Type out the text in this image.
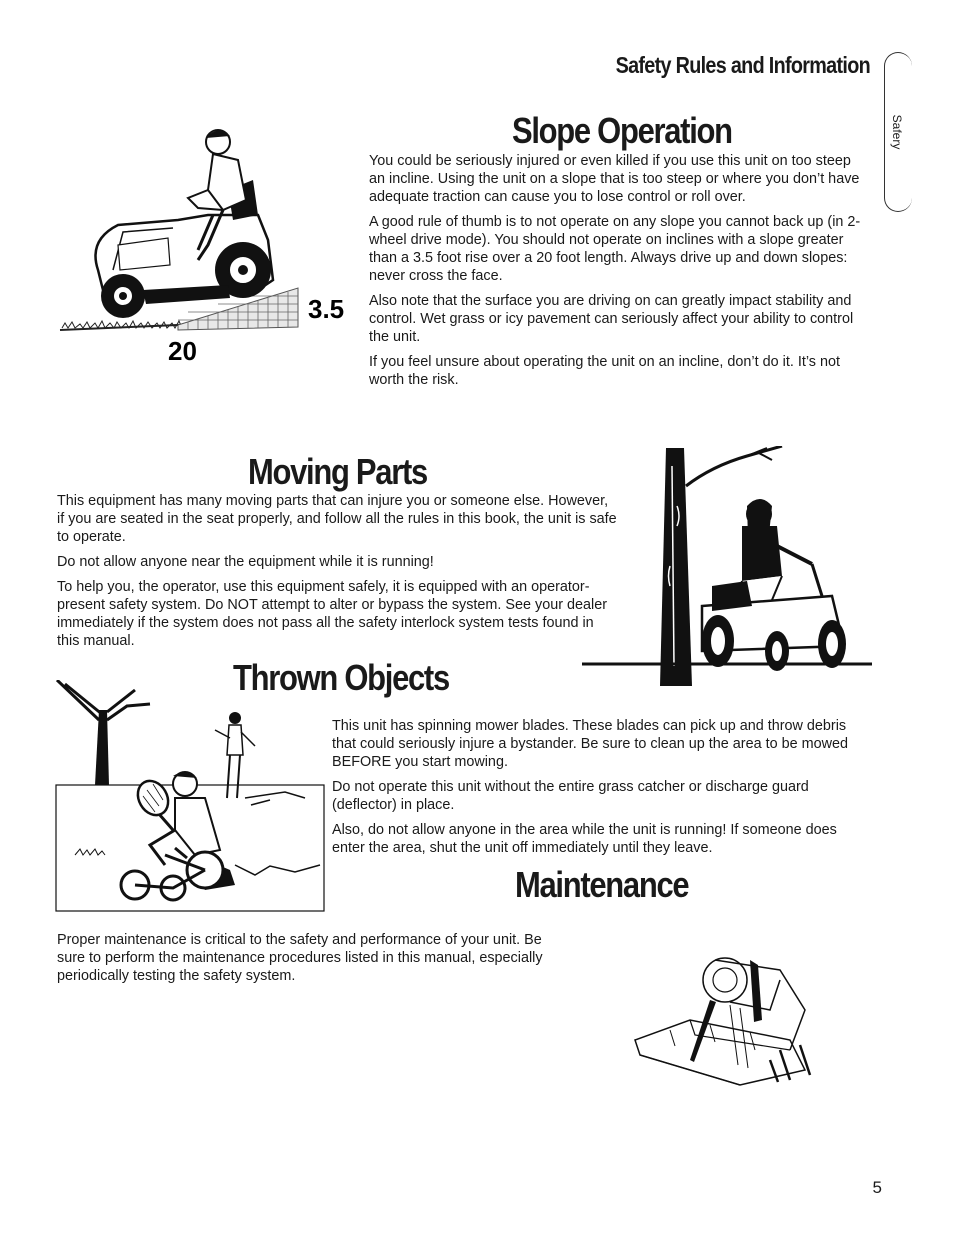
Safety Rules and Information
Safery
Slope Operation

You could be seriously injured or even killed if you use this unit on too steep an incline. Using the unit on a slope that is too steep or where you don’t have adequate traction can cause you to lose control or roll over.

A good rule of thumb is to not operate on any slope you cannot back up (in 2-wheel drive mode). You should not operate on inclines with a slope greater than a 3.5 foot rise over a 20 foot length. Always drive up and down slopes: never cross the face.

Also note that the surface you are driving on can greatly impact stability and control. Wet grass or icy pavement can seriously affect your ability to control the unit.

If you feel unsure about operating the unit on an incline, don’t do it. It’s not worth the risk.

3.5
20
Moving Parts

This equipment has many moving parts that can injure you or someone else. However, if you are seated in the seat properly, and follow all the rules in this book, the unit is safe to operate.

Do not allow anyone near the equipment while it is running!

To help you, the operator, use this equipment safely, it is equipped with an operator-present safety system. Do NOT attempt to alter or bypass the system. See your dealer immediately if the system does not pass all the safety interlock system tests found in this manual.

Thrown Objects

This unit has spinning mower blades. These blades can pick up and throw debris that could seriously injure a bystander. Be sure to clean up the area to be mowed BEFORE you start mowing.

Do not operate this unit without the entire grass catcher or discharge guard (deflector) in place.

Also, do not allow anyone in the area while the unit is running! If someone does enter the area, shut the unit off immediately until they leave.

Maintenance

Proper maintenance is critical to the safety and performance of your unit. Be sure to perform the maintenance procedures listed in this manual, especially periodically testing the safety system.

5
